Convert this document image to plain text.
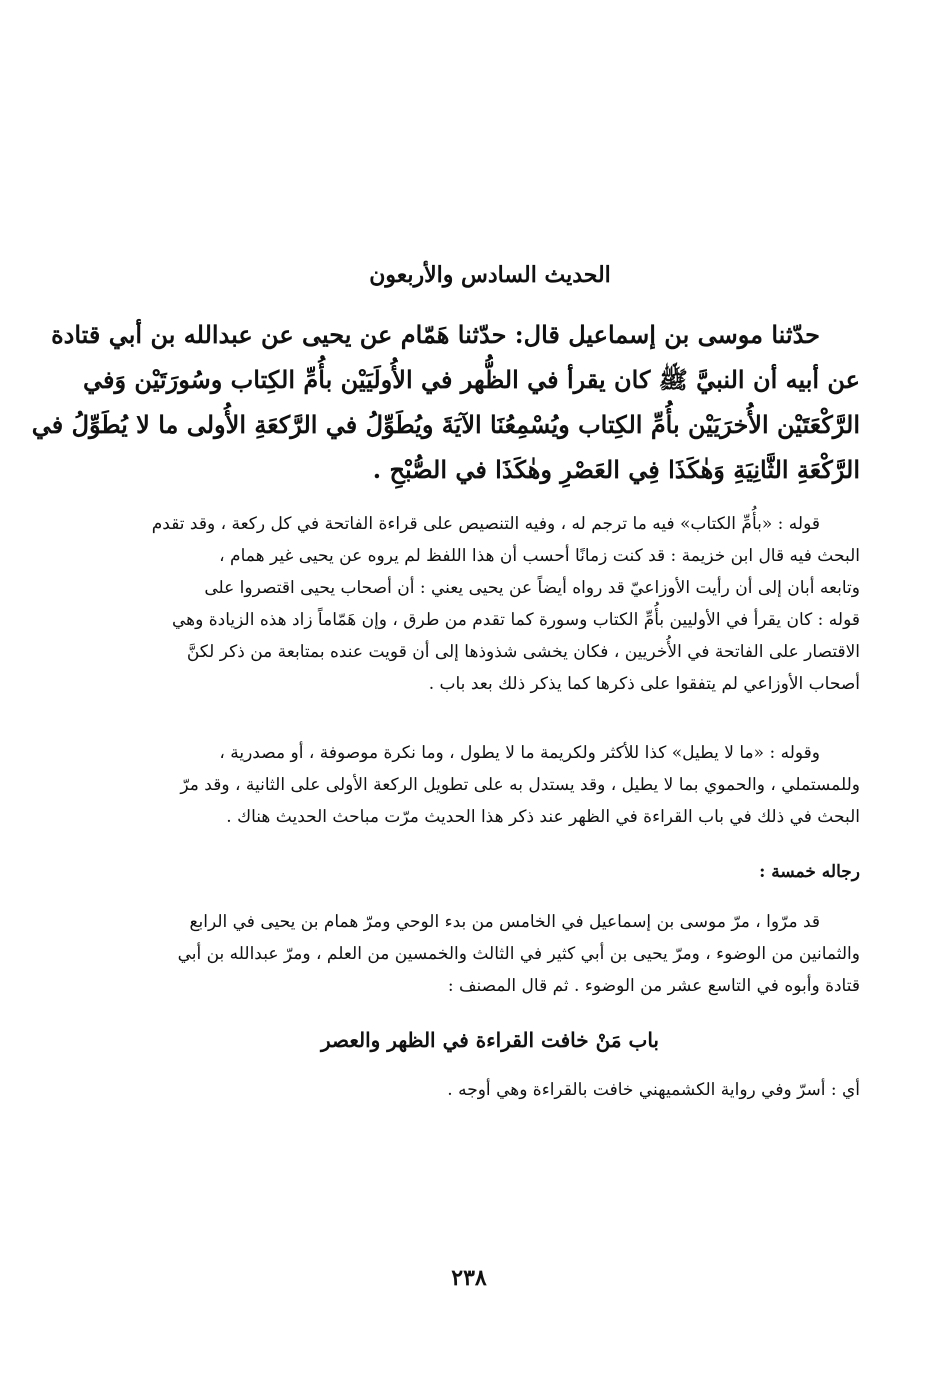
الحديث السادس والأربعون
حدّثنا موسى بن إسماعيل قال: حدّثنا هَمّام عن يحيى عن عبدالله بن أبي قتادة
عن أبيه أن النبيَّ ﷺ كان يقرأ في الظُّهر في الأُولَيَيْن بأُمِّ الكِتاب وسُورَتَيْن وَفي
الرَّكْعَتَيْن الأُخرَيَيْن بأُمِّ الكِتاب ويُسْمِعُنَا الآيَةَ ويُطَوِّلُ في الرَّكعَةِ الأُولى ما لا يُطَوِّلُ في
الرَّكْعَةِ الثَّانِيَةِ وَهٰكَذَا فِي العَصْرِ وهٰكَذَا في الصُّبْحِ .
قوله : «بأُمِّ الكتاب» فيه ما ترجم له ، وفيه التنصيص على قراءة الفاتحة في كل ركعة ، وقد تقدم
البحث فيه قال ابن خزيمة : قد كنت زمانًا أحسب أن هذا اللفظ لم يروه عن يحيى غير همام ،
وتابعه أبان إلى أن رأيت الأوزاعيّ قد رواه أيضاً عن يحيى يعني : أن أصحاب يحيى اقتصروا على
قوله : كان يقرأ في الأوليين بأُمِّ الكتاب وسورة كما تقدم من طرق ، وإن هَمّاماً زاد هذه الزيادة وهي
الاقتصار على الفاتحة في الأُخريين ، فكان يخشى شذوذها إلى أن قويت عنده بمتابعة من ذكر لكنَّ
أصحاب الأوزاعي لم يتفقوا على ذكرها كما يذكر ذلك بعد باب .
وقوله : «ما لا يطيل» كذا للأكثر ولكريمة ما لا يطول ، وما نكرة موصوفة ، أو مصدرية ،
وللمستملي ، والحموي بما لا يطيل ، وقد يستدل به على تطويل الركعة الأولى على الثانية ، وقد مرّ
البحث في ذلك في باب القراءة في الظهر عند ذكر هذا الحديث مرّت مباحث الحديث هناك .
رجاله خمسة :
قد مرّوا ، مرّ موسى بن إسماعيل في الخامس من بدء الوحي ومرّ همام بن يحيى في الرابع
والثمانين من الوضوء ، ومرّ يحيى بن أبي كثير في الثالث والخمسين من العلم ، ومرّ عبدالله بن أبي
قتادة وأبوه في التاسع عشر من الوضوء . ثم قال المصنف :
باب مَنْ خافت القراءة في الظهر والعصر
أي : أسرّ وفي رواية الكشميهني خافت بالقراءة وهي أوجه .
٢٣٨
